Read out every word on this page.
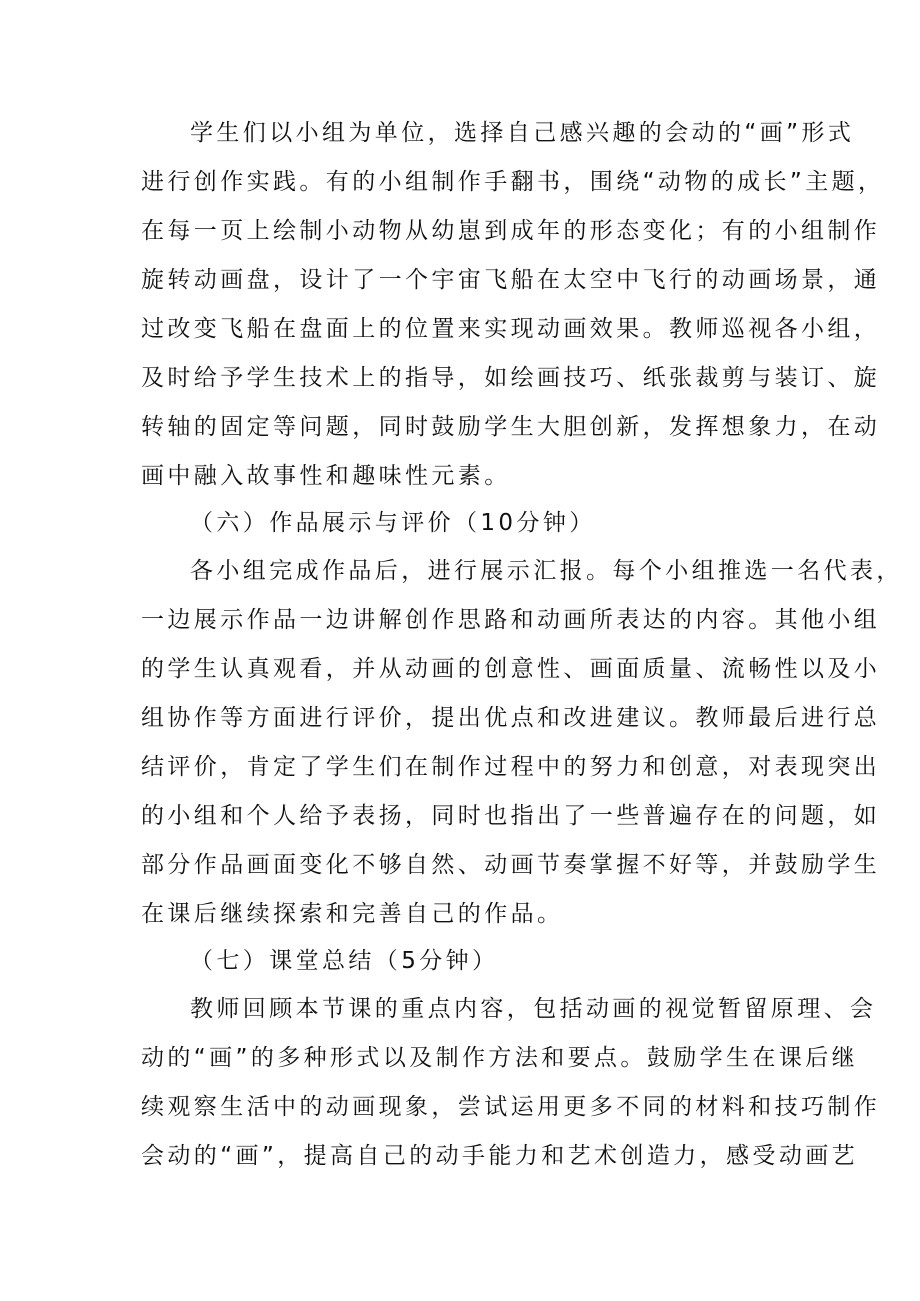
学生们以小组为单位，选择自己感兴趣的会动的“画”形式
进行创作实践。有的小组制作手翻书，围绕“动物的成长”主题，
在每一页上绘制小动物从幼崽到成年的形态变化；有的小组制作
旋转动画盘，设计了一个宇宙飞船在太空中飞行的动画场景，通
过改变飞船在盘面上的位置来实现动画效果。教师巡视各小组，
及时给予学生技术上的指导，如绘画技巧、纸张裁剪与装订、旋
转轴的固定等问题，同时鼓励学生大胆创新，发挥想象力，在动
画中融入故事性和趣味性元素。
（六）作品展示与评价（10分钟）
各小组完成作品后，进行展示汇报。每个小组推选一名代表，
一边展示作品一边讲解创作思路和动画所表达的内容。其他小组
的学生认真观看，并从动画的创意性、画面质量、流畅性以及小
组协作等方面进行评价，提出优点和改进建议。教师最后进行总
结评价，肯定了学生们在制作过程中的努力和创意，对表现突出
的小组和个人给予表扬，同时也指出了一些普遍存在的问题，如
部分作品画面变化不够自然、动画节奏掌握不好等，并鼓励学生
在课后继续探索和完善自己的作品。
（七）课堂总结（5分钟）
教师回顾本节课的重点内容，包括动画的视觉暂留原理、会
动的“画”的多种形式以及制作方法和要点。鼓励学生在课后继
续观察生活中的动画现象，尝试运用更多不同的材料和技巧制作
会动的“画”，提高自己的动手能力和艺术创造力，感受动画艺
